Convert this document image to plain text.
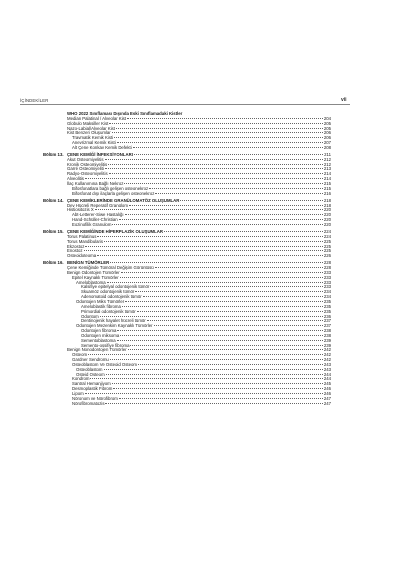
İÇİNDEKİLER	vii
WHO 2022 Sınıflaması Dışında Eski Sınıflamadaki Kistler
Median Palatinal / Alveolar Kist	204
Globulo Maksiller Kist	205
Nazo-Labial/Alveolar Kist	205
Kist Benzeri Oluşumlar	206
Travmatik Kemik Kisti	206
Anevrizmal Kemik Kisti	207
Alt Çene Konkav Kemik Defekti	208
Bölüm 13. ÇENE KEMİĞİ İNFEKSİYONLARI	211
Akut Osteomiyelitis	212
Kronik Osteomiyelitis	212
Garré Osteomiyeliti	213
Radyo-Osteomiyelitis	214
Alveolitis	214
İlaç Kullanımına Bağlı Nekroz	215
Bifosfonatlara bağlı gelişen osteonekroz	215
Bifosfonat dışı ilaçlarla gelişen osteonekroz	216
Bölüm 14. ÇENE KEMİKLERİNDE GRANÜLOMATÖZ OLUŞUMLAR	218
Dev Hücreli Reperatif Granülom	218
Histiositozis X	220
Abt-Letterer-Siwe Hastalığı	220
Hand-Schüller-Christian	220
Eozinofilik Granulom	220
Bölüm 15. ÇENE KEMİĞİNDE HİPERPLAZİK OLUŞUMLAR	224
Torus Palatinus	224
Torus Mandibularis	225
Ekzostoz	225
Enostoz	225
Osteoidoteoma	226
Bölüm 16. BENİGN TÜMÖRLER	228
Çene Kemiğinde Tümöral Değişim Görüntüsü	228
Benign Odontojen Tümörler	233
Epitel Kaynaklı Tümörler	233
Ameloblastoma	233
Kalsifiye epitelyal odontojenik tümör	233
Skuamöz odontojenik tümör	234
Adenomatoid odontojenik tümör	234
Odontojen Miks Tümörler	235
Ameloblastik fibroma	235
Primordial odontojenik tümör	235
Odontom	236
Dentinojenik hayalet hücreli tümör	237
Odontojen Mezenkim Kaynaklı Tümörler	237
Odontojen fibroma	238
Odontojen miksoma	238
Sementoblastoma	239
Semento-ossifiye fibroma	239
Benign Nonodontojen Tümörler	242
Osteom	242
Gardner Sendromu	242
Osteoblastom Ve Osteoid Osteom	243
Osteoblastom	243
Osteid Osteom	244
Kondrom	244
Santral Hemanjiyom	245
Desmoplastik Fibrom	246
Lipom	246
Nöronom ve Nörofibrom	247
Nörofibromatozis	247
